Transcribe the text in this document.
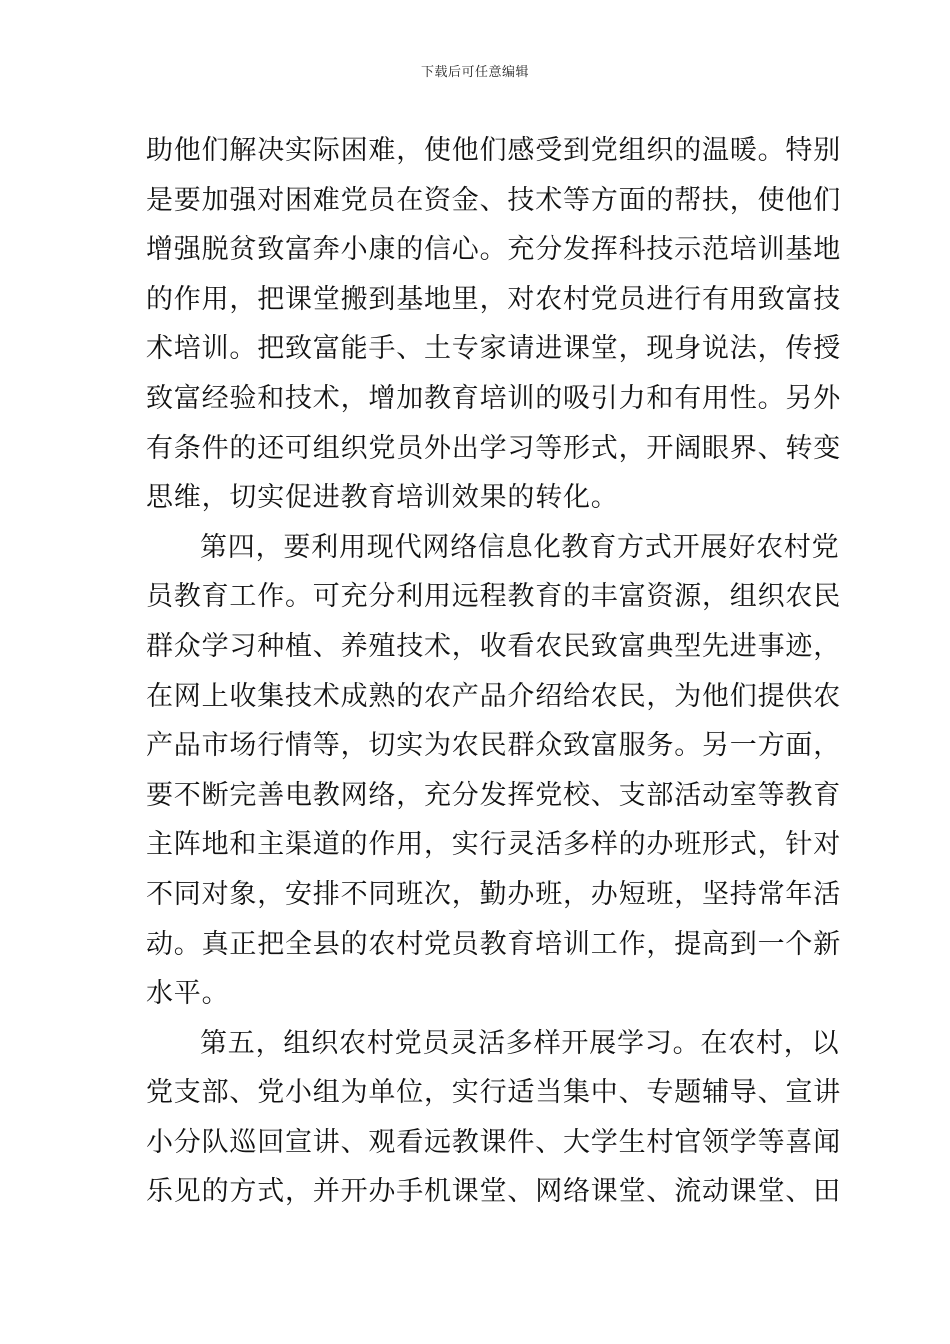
下载后可任意编辑
助他们解决实际困难，使他们感受到党组织的温暖。特别
是要加强对困难党员在资金、技术等方面的帮扶，使他们
增强脱贫致富奔小康的信心。充分发挥科技示范培训基地
的作用，把课堂搬到基地里，对农村党员进行有用致富技
术培训。把致富能手、土专家请进课堂，现身说法，传授
致富经验和技术，增加教育培训的吸引力和有用性。另外
有条件的还可组织党员外出学习等形式，开阔眼界、转变
思维，切实促进教育培训效果的转化。
第四，要利用现代网络信息化教育方式开展好农村党
员教育工作。可充分利用远程教育的丰富资源，组织农民
群众学习种植、养殖技术，收看农民致富典型先进事迹，
在网上收集技术成熟的农产品介绍给农民，为他们提供农
产品市场行情等，切实为农民群众致富服务。另一方面，
要不断完善电教网络，充分发挥党校、支部活动室等教育
主阵地和主渠道的作用，实行灵活多样的办班形式，针对
不同对象，安排不同班次，勤办班，办短班，坚持常年活
动。真正把全县的农村党员教育培训工作，提高到一个新
水平。
第五，组织农村党员灵活多样开展学习。在农村，以
党支部、党小组为单位，实行适当集中、专题辅导、宣讲
小分队巡回宣讲、观看远教课件、大学生村官领学等喜闻
乐见的方式，并开办手机课堂、网络课堂、流动课堂、田
